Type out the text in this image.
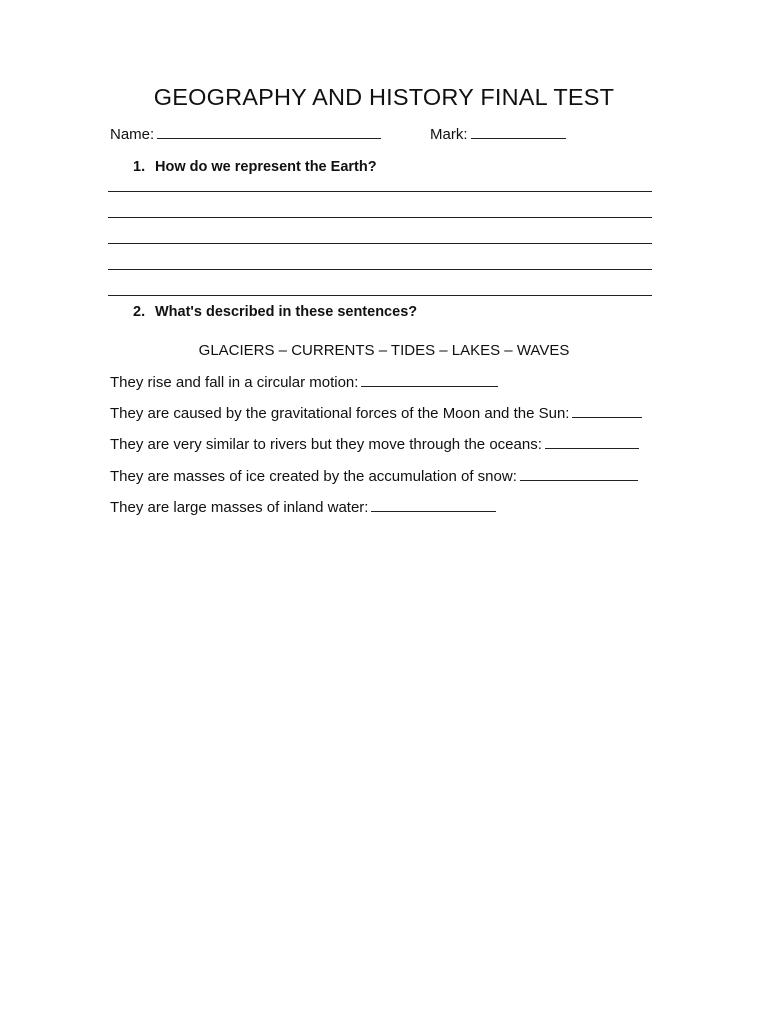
GEOGRAPHY AND HISTORY FINAL TEST
Name:	Mark:
1. How do we represent the Earth?
2. What's described in these sentences?
GLACIERS – CURRENTS – TIDES – LAKES – WAVES
They rise and fall in a circular motion:
They are caused by the gravitational forces of the Moon and the Sun:
They are very similar to rivers but they move through the oceans:
They are masses of ice created by the accumulation of snow:
They are large masses of inland water:
